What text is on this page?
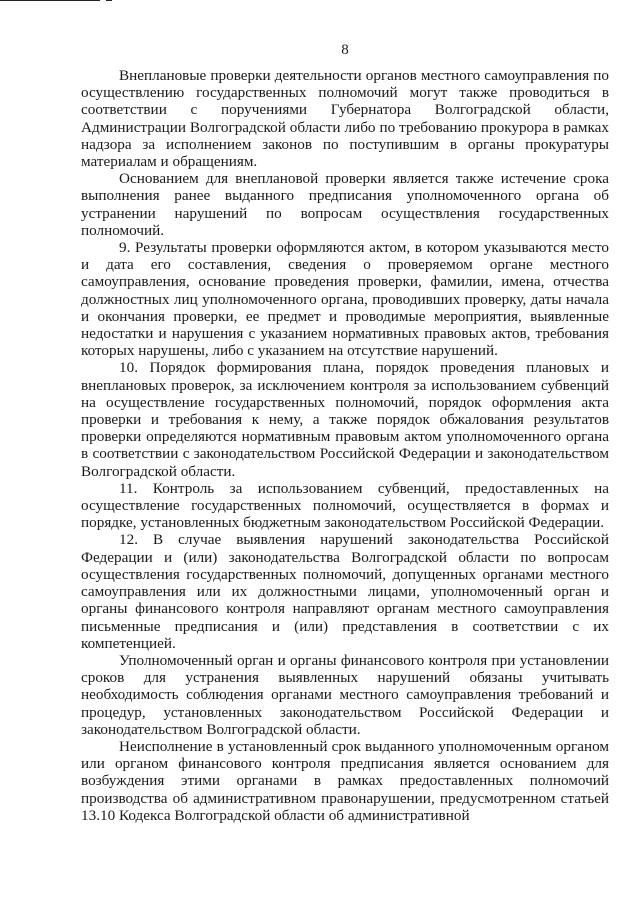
8

Внеплановые проверки деятельности органов местного самоуправления по осуществлению государственных полномочий могут также проводиться в соответствии с поручениями Губернатора Волгоградской области, Администрации Волгоградской области либо по требованию прокурора в рамках надзора за исполнением законов по поступившим в органы прокуратуры материалам и обращениям.

Основанием для внеплановой проверки является также истечение срока выполнения ранее выданного предписания уполномоченного органа об устранении нарушений по вопросам осуществления государственных полномочий.

9. Результаты проверки оформляются актом, в котором указываются место и дата его составления, сведения о проверяемом органе местного самоуправления, основание проведения проверки, фамилии, имена, отчества должностных лиц уполномоченного органа, проводивших проверку, даты начала и окончания проверки, ее предмет и проводимые мероприятия, выявленные недостатки и нарушения с указанием нормативных правовых актов, требования которых нарушены, либо с указанием на отсутствие нарушений.

10. Порядок формирования плана, порядок проведения плановых и внеплановых проверок, за исключением контроля за использованием субвенций на осуществление государственных полномочий, порядок оформления акта проверки и требования к нему, а также порядок обжалования результатов проверки определяются нормативным правовым актом уполномоченного органа в соответствии с законодательством Российской Федерации и законодательством Волгоградской области.

11. Контроль за использованием субвенций, предоставленных на осуществление государственных полномочий, осуществляется в формах и порядке, установленных бюджетным законодательством Российской Федерации.

12. В случае выявления нарушений законодательства Российской Федерации и (или) законодательства Волгоградской области по вопросам осуществления государственных полномочий, допущенных органами местного самоуправления или их должностными лицами, уполномоченный орган и органы финансового контроля направляют органам местного самоуправления письменные предписания и (или) представления в соответствии с их компетенцией.

Уполномоченный орган и органы финансового контроля при установлении сроков для устранения выявленных нарушений обязаны учитывать необходимость соблюдения органами местного самоуправления требований и процедур, установленных законодательством Российской Федерации и законодательством Волгоградской области.

Неисполнение в установленный срок выданного уполномоченным органом или органом финансового контроля предписания является основанием для возбуждения этими органами в рамках предоставленных полномочий производства об административном правонарушении, предусмотренном статьей 13.10 Кодекса Волгоградской области об административной
